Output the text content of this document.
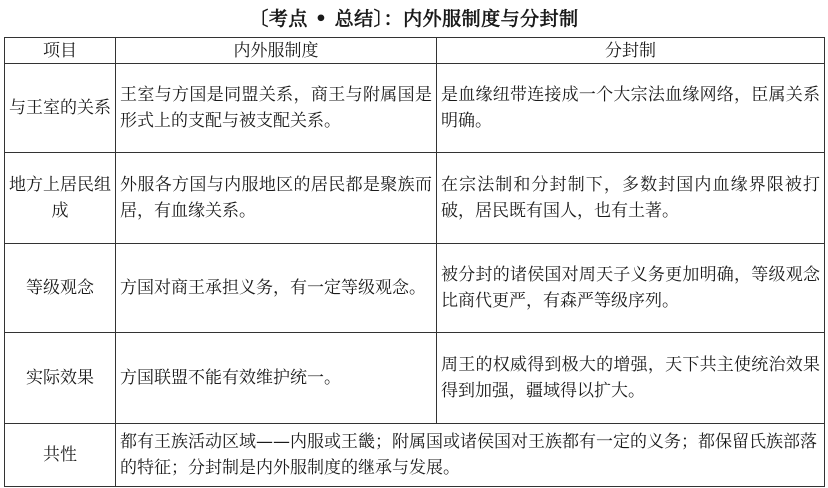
〔考点 • 总结〕：内外服制度与分封制
项目	内外服制度	分封制
与王室的关系	王室与方国是同盟关系，商王与附属国是形式上的支配与被支配关系。	是血缘纽带连接成一个大宗法血缘网络，臣属关系明确。
地方上居民组成	外服各方国与内服地区的居民都是聚族而居，有血缘关系。	在宗法制和分封制下，多数封国内血缘界限被打破，居民既有国人，也有土著。
等级观念	方国对商王承担义务，有一定等级观念。	被分封的诸侯国对周天子义务更加明确，等级观念比商代更严，有森严等级序列。
实际效果	方国联盟不能有效维护统一。	周王的权威得到极大的增强，天下共主使统治效果得到加强，疆域得以扩大。
共性	都有王族活动区域——内服或王畿；附属国或诸侯国对王族都有一定的义务；都保留氏族部落的特征；分封制是内外服制度的继承与发展。	
